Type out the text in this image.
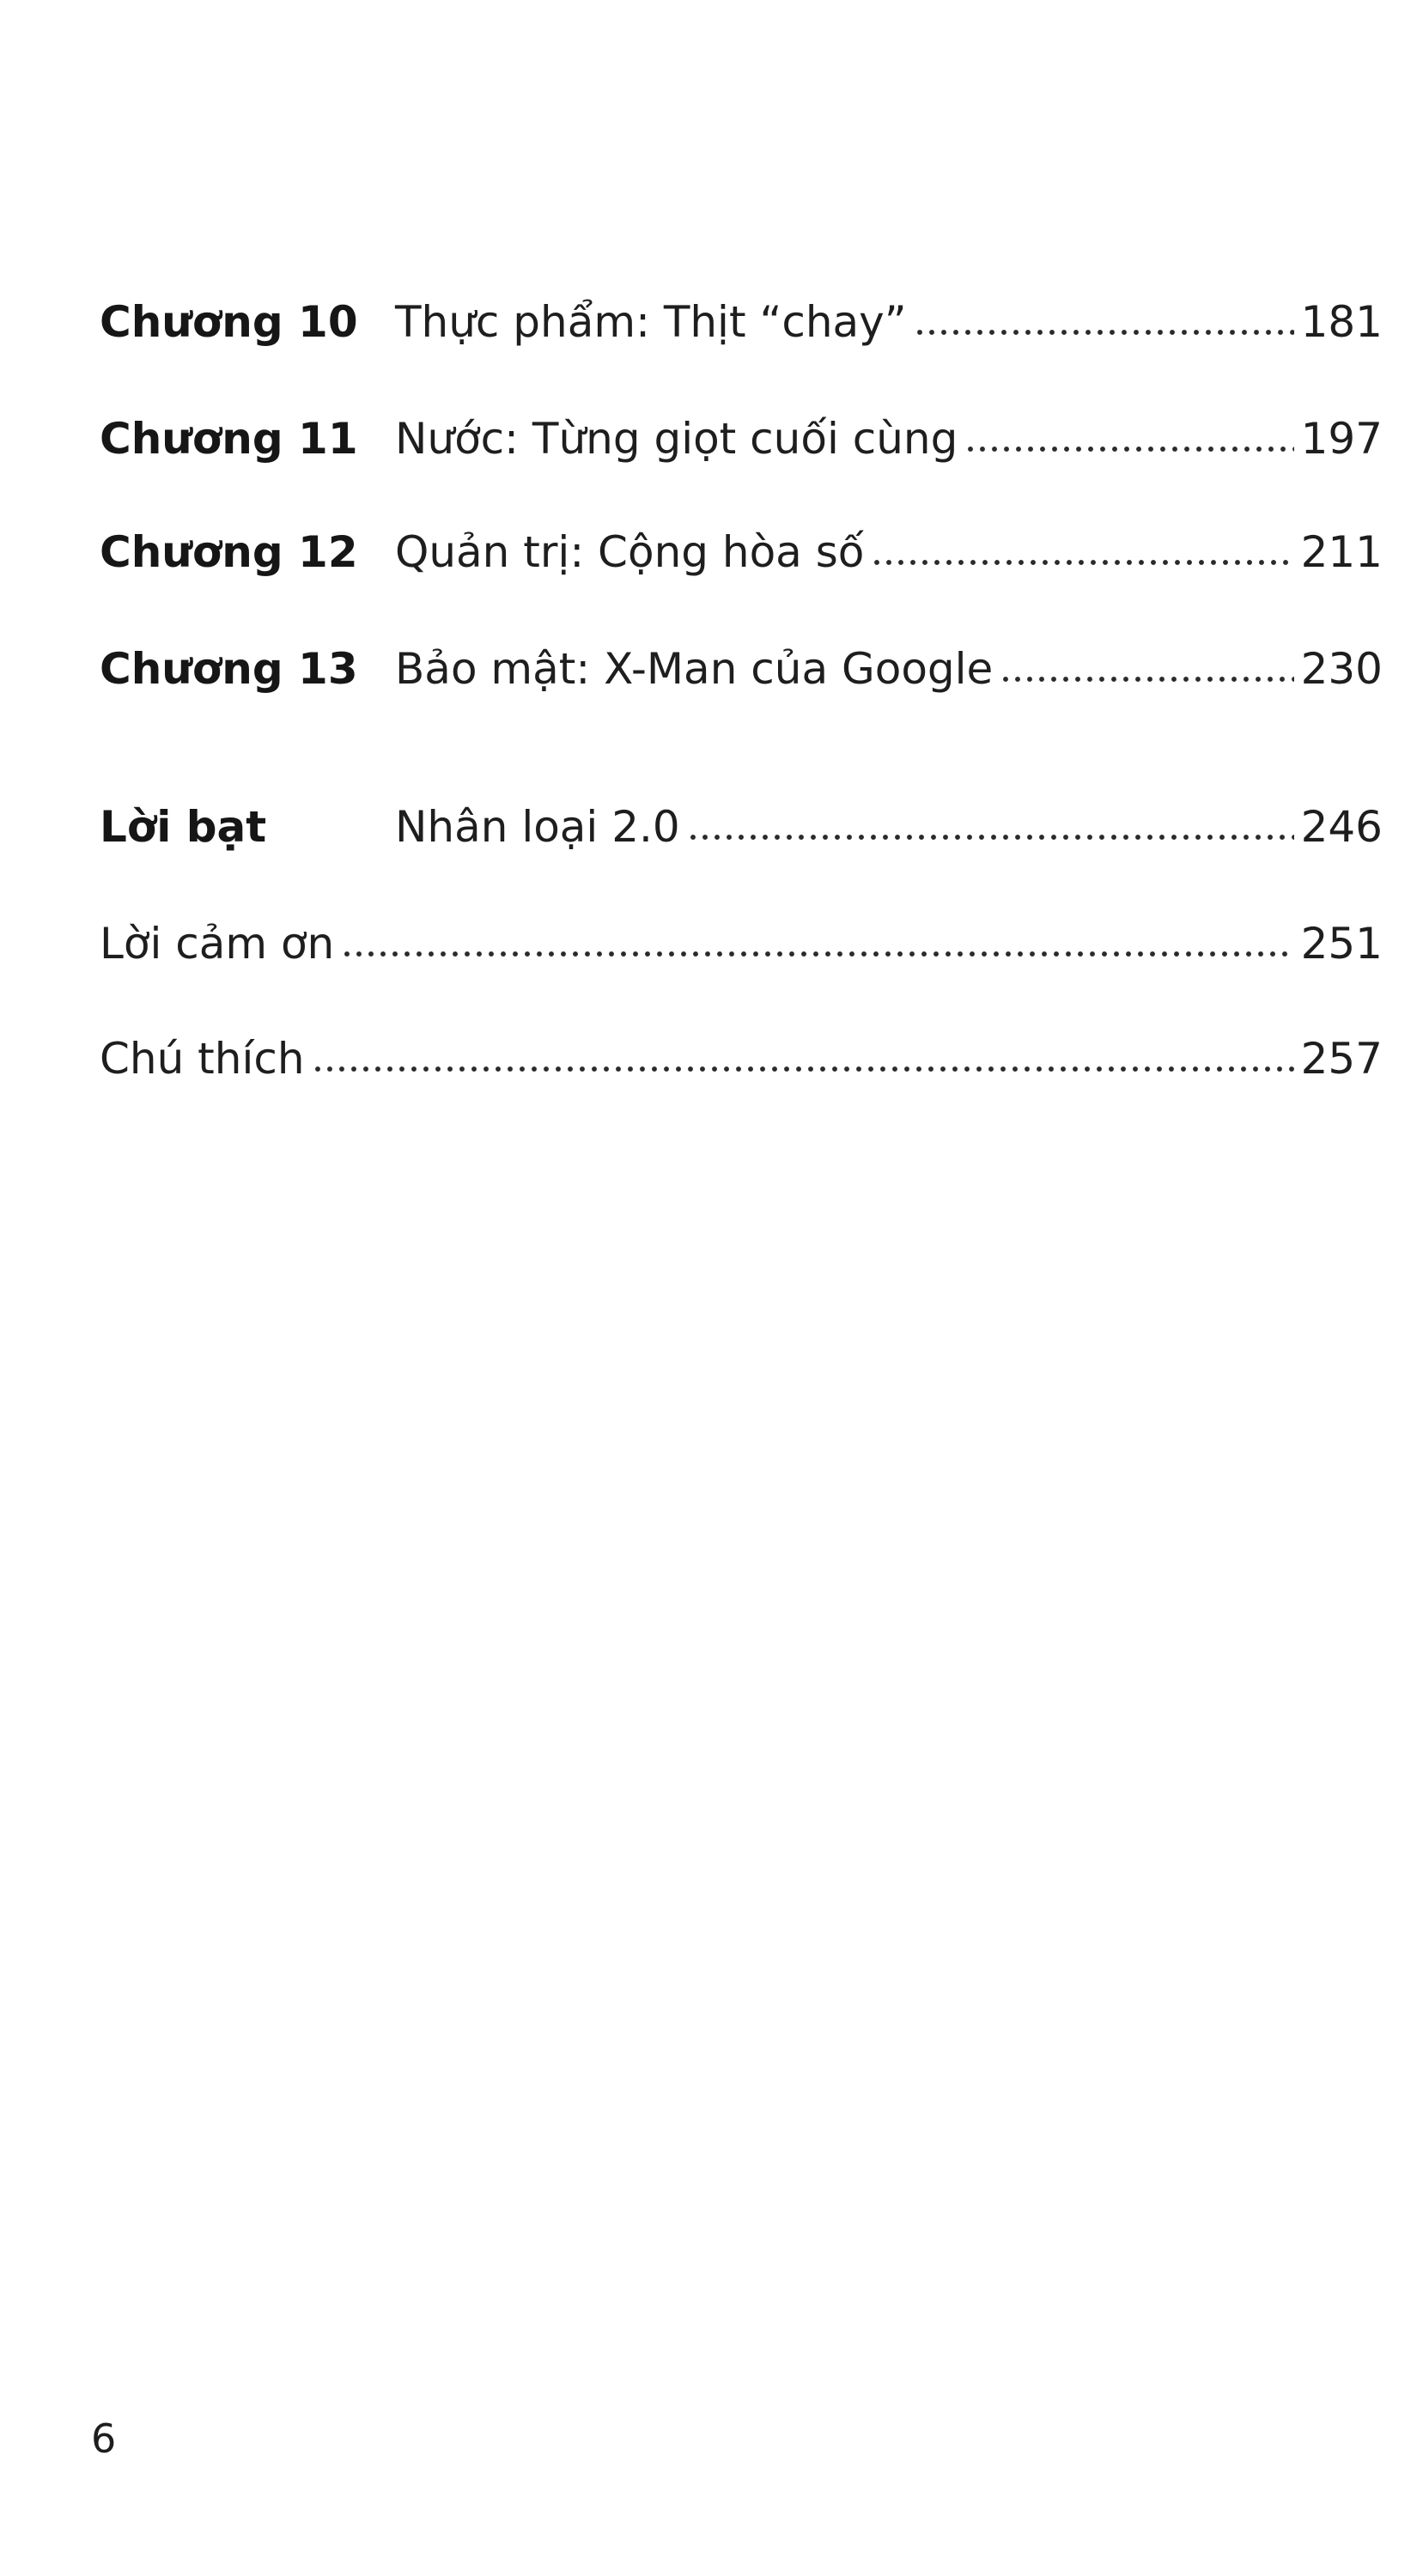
Chương 10 Thực phẩm: Thịt “chay”	181
Chương 11 Nước: Từng giọt cuối cùng	197
Chương 12 Quản trị: Cộng hòa số	211
Chương 13 Bảo mật: X-Man của Google	230
Lời bạt	Nhân loại 2.0	246
Lời cảm ơn	251
Chú thích	257
6
